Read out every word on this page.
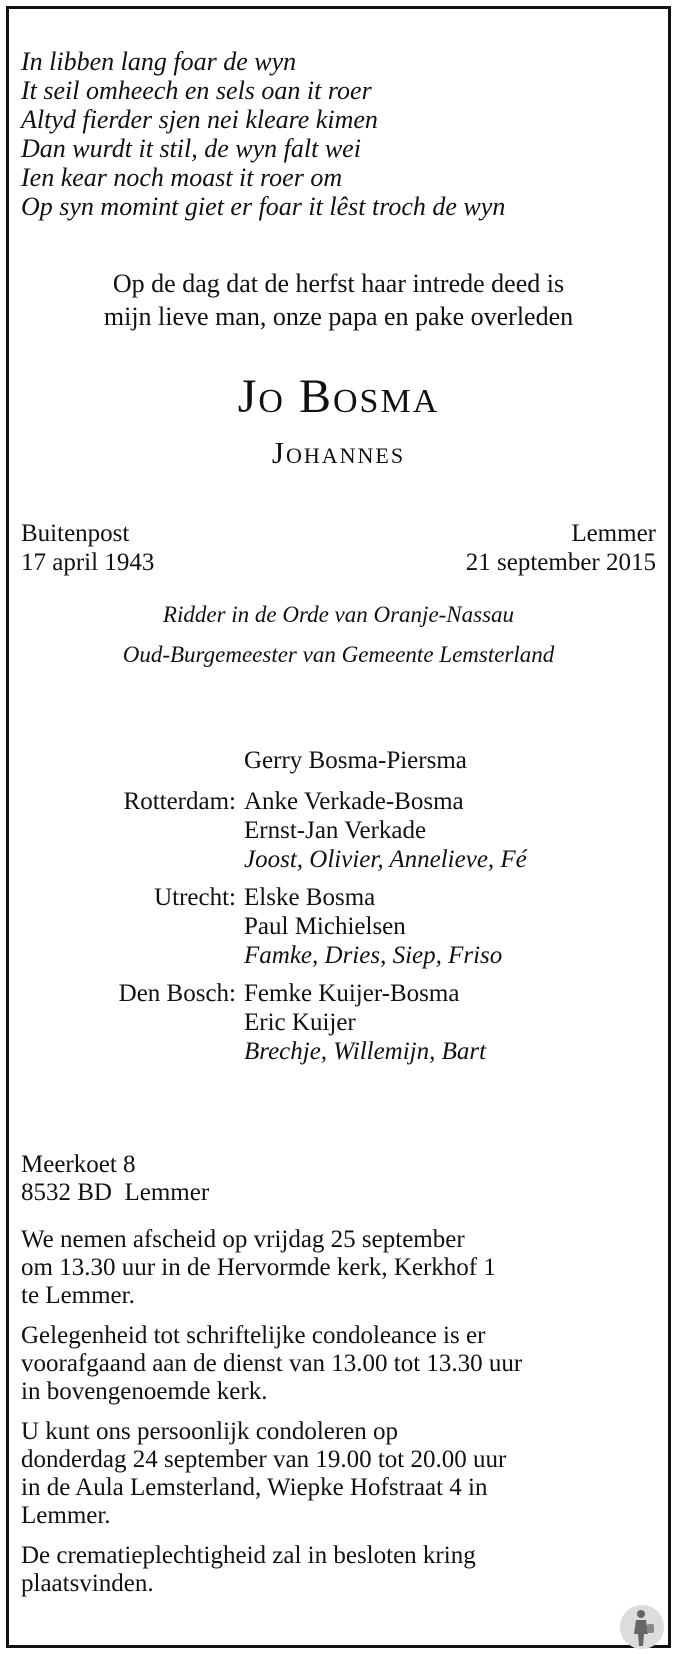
In libben lang foar de wyn
It seil omheech en sels oan it roer
Altyd fierder sjen nei kleare kimen
Dan wurdt it stil, de wyn falt wei
Ien kear noch moast it roer om
Op syn momint giet er foar it lêst troch de wyn
Op de dag dat de herfst haar intrede deed is
mijn lieve man, onze papa en pake overleden
Jo Bosma
Johannes
Buitenpost
17 april 1943
Lemmer
21 september 2015
Ridder in de Orde van Oranje-Nassau
Oud-Burgemeester van Gemeente Lemsterland
Gerry Bosma-Piersma
Rotterdam: Anke Verkade-Bosma
Ernst-Jan Verkade
Joost, Olivier, Annelieve, Fé
Utrecht: Elske Bosma
Paul Michielsen
Famke, Dries, Siep, Friso
Den Bosch: Femke Kuijer-Bosma
Eric Kuijer
Brechje, Willemijn, Bart
Meerkoet 8
8532 BD  Lemmer
We nemen afscheid op vrijdag 25 september
om 13.30 uur in de Hervormde kerk, Kerkhof 1
te Lemmer.
Gelegenheid tot schriftelijke condoleance is er
voorafgaand aan de dienst van 13.00 tot 13.30 uur
in bovengenoemde kerk.
U kunt ons persoonlijk condoleren op
donderdag 24 september van 19.00 tot 20.00 uur
in de Aula Lemsterland, Wiepke Hofstraat 4 in
Lemmer.
De crematieplechtigheid zal in besloten kring
plaatsvinden.
